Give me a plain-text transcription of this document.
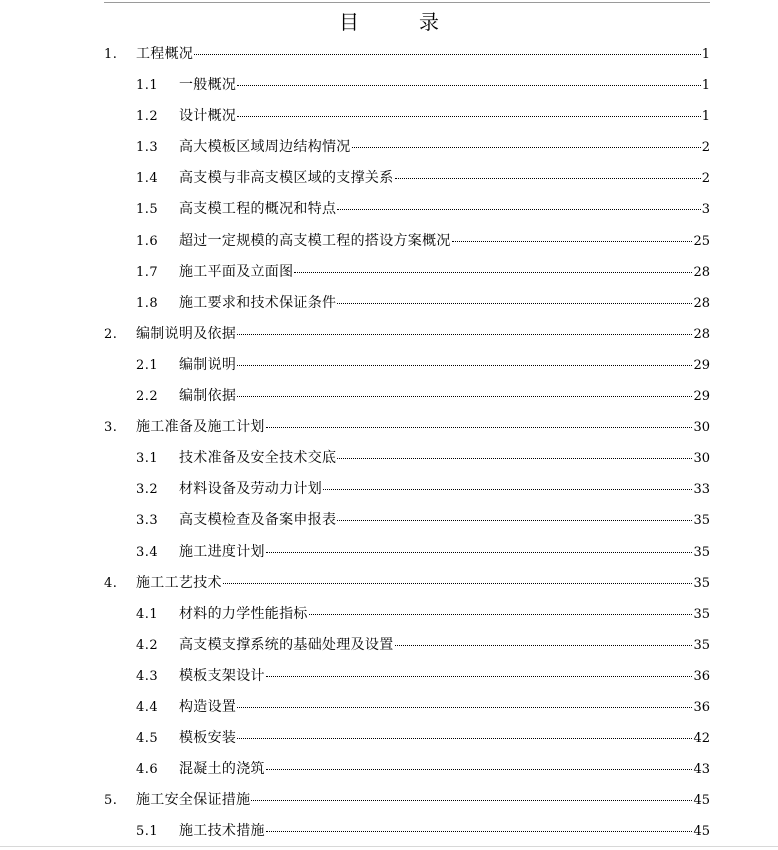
目　录
1. 工程概况	1
1.1 一般概况	1
1.2 设计概况	1
1.3 高大模板区域周边结构情况	2
1.4 高支模与非高支模区域的支撑关系	2
1.5 高支模工程的概况和特点	3
1.6 超过一定规模的高支模工程的搭设方案概况	25
1.7 施工平面及立面图	28
1.8 施工要求和技术保证条件	28
2. 编制说明及依据	28
2.1 编制说明	29
2.2 编制依据	29
3. 施工准备及施工计划	30
3.1 技术准备及安全技术交底	30
3.2 材料设备及劳动力计划	33
3.3 高支模检查及备案申报表	35
3.4 施工进度计划	35
4. 施工工艺技术	35
4.1 材料的力学性能指标	35
4.2 高支模支撑系统的基础处理及设置	35
4.3 模板支架设计	36
4.4 构造设置	36
4.5 模板安装	42
4.6 混凝土的浇筑	43
5. 施工安全保证措施	45
5.1 施工技术措施	45
